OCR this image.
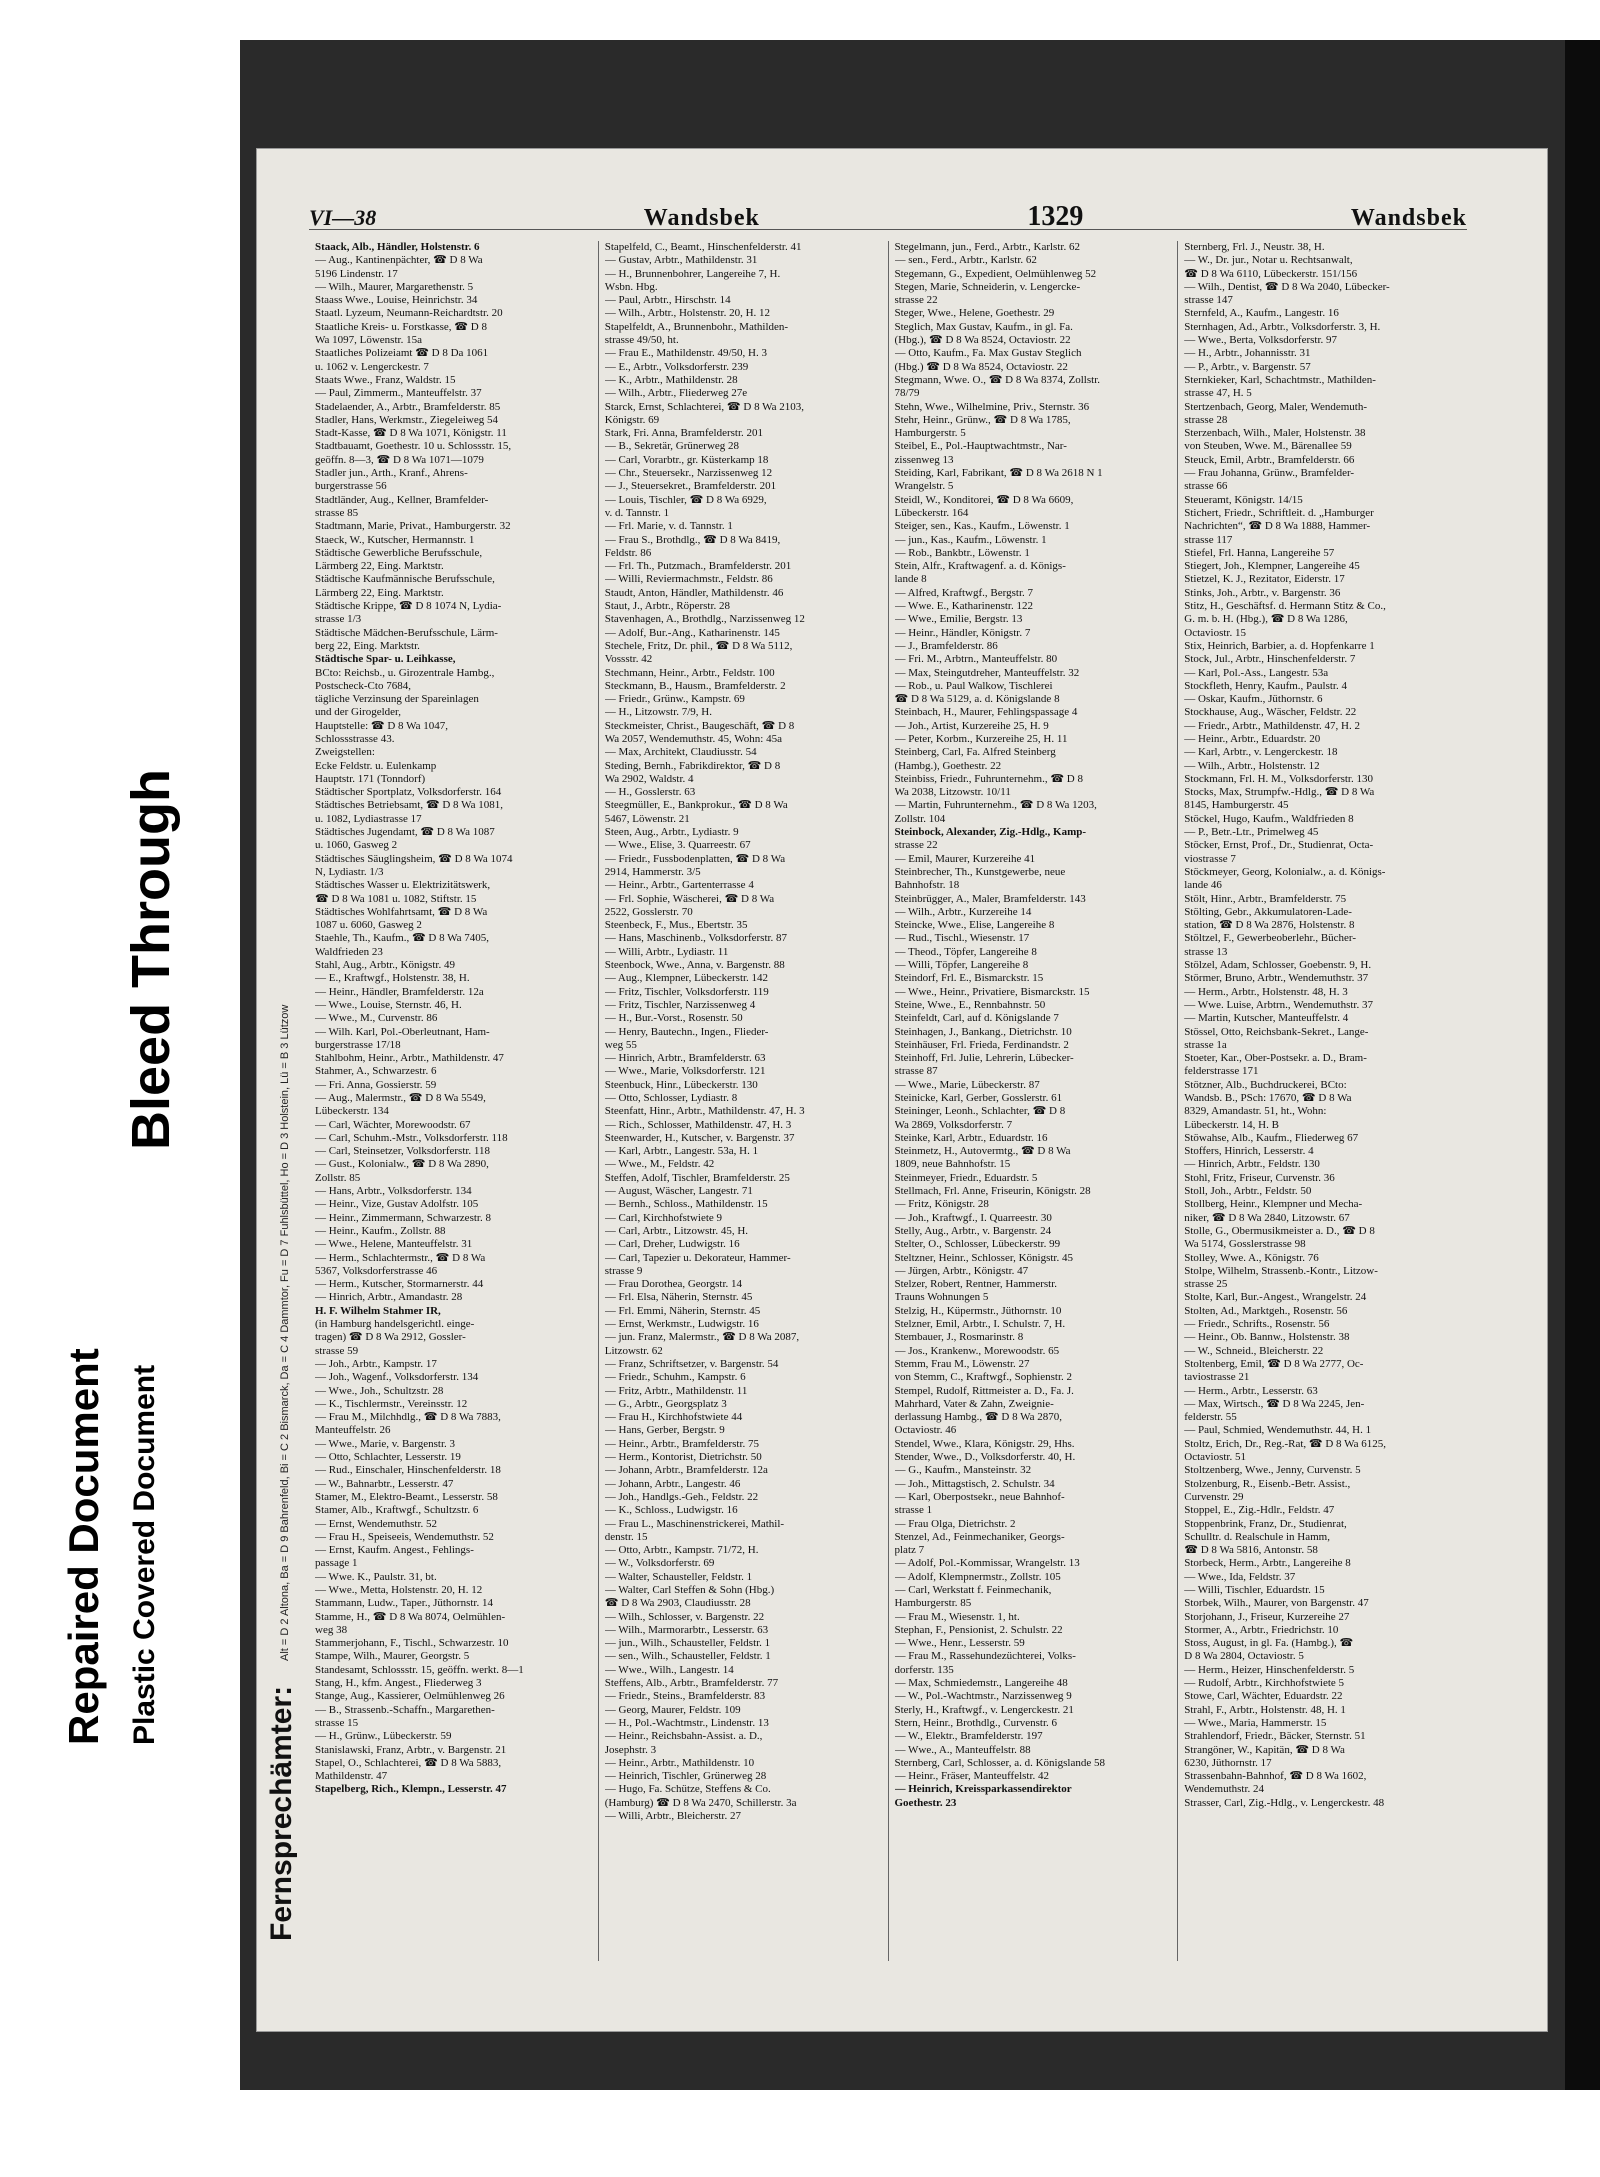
Repaired Document Plastic Covered Document
Bleed Through
VI—38	Wandsbek	1329	Wandsbek
Alt = D 2 Altona, Ba = D 9 Bahrenfeld, Bi = C 2 Bismarck, Da = C 4 Dammtor, Fu = D 7 Fuhlsbüttel, Ho = D 3 Holstein, Lü = B 3 Lützow
Fernsprechämter:
Staack, Alb., Händler, Holstenstr. 6
— Aug., Kantinenpächter, ☎ D 8 Wa
5196 Lindenstr. 17
— Wilh., Maurer, Margarethenstr. 5
Staass Wwe., Louise, Heinrichstr. 34
Staatl. Lyzeum, Neumann-Reichardtstr. 20
Staatliche Kreis- u. Forstkasse, ☎ D 8
Wa 1097, Löwenstr. 15a
Staatliches Polizeiamt ☎ D 8 Da 1061
u. 1062 v. Lengerckestr. 7
Staats Wwe., Franz, Waldstr. 15
— Paul, Zimmerm., Manteuffelstr. 37
Stadelaender, A., Arbtr., Bramfelderstr. 85
Stadler, Hans, Werkmstr., Ziegeleiweg 54
Stadt-Kasse, ☎ D 8 Wa 1071, Königstr. 11
Stadtbauamt, Goethestr. 10 u. Schlossstr. 15,
geöffn. 8—3, ☎ D 8 Wa 1071—1079
Stadler jun., Arth., Kranf., Ahrens-
burgerstrasse 56
Stadtländer, Aug., Kellner, Bramfelder-
strasse 85
Stadtmann, Marie, Privat., Hamburgerstr. 32
Staeck, W., Kutscher, Hermannstr. 1
Städtische Gewerbliche Berufsschule,
Lärmberg 22, Eing. Marktstr.
Städtische Kaufmännische Berufsschule,
Lärmberg 22, Eing. Marktstr.
Städtische Krippe, ☎ D 8 1074 N, Lydia-
strasse 1/3
Städtische Mädchen-Berufsschule, Lärm-
berg 22, Eing. Marktstr.
Städtische Spar- u. Leihkasse,
BCto: Reichsb., u. Girozentrale Hambg.,
Postscheck-Cto 7684,
tägliche Verzinsung der Spareinlagen
und der Girogelder,
Hauptstelle: ☎ D 8 Wa 1047,
Schlossstrasse 43.
Zweigstellen:
Ecke Feldstr. u. Eulenkamp
Hauptstr. 171 (Tonndorf)
Städtischer Sportplatz, Volksdorferstr. 164
Städtisches Betriebsamt, ☎ D 8 Wa 1081,
u. 1082, Lydiastrasse 17
Städtisches Jugendamt, ☎ D 8 Wa 1087
u. 1060, Gasweg 2
Städtisches Säuglingsheim, ☎ D 8 Wa 1074
N, Lydiastr. 1/3
Städtisches Wasser u. Elektrizitätswerk,
☎ D 8 Wa 1081 u. 1082, Stiftstr. 15
Städtisches Wohlfahrtsamt, ☎ D 8 Wa
1087 u. 6060, Gasweg 2
Staehle, Th., Kaufm., ☎ D 8 Wa 7405,
Waldfrieden 23
Stahl, Aug., Arbtr., Königstr. 49
— E., Kraftwgf., Holstenstr. 38, H.
— Heinr., Händler, Bramfelderstr. 12a
— Wwe., Louise, Sternstr. 46, H.
— Wwe., M., Curvenstr. 86
— Wilh. Karl, Pol.-Oberleutnant, Ham-
burgerstrasse 17/18
Stahlbohm, Heinr., Arbtr., Mathildenstr. 47
Stahmer, A., Schwarzestr. 6
— Fri. Anna, Gossierstr. 59
— Aug., Malermstr., ☎ D 8 Wa 5549,
Lübeckerstr. 134
— Carl, Wächter, Morewoodstr. 67
— Carl, Schuhm.-Mstr., Volksdorferstr. 118
— Carl, Steinsetzer, Volksdorferstr. 118
— Gust., Kolonialw., ☎ D 8 Wa 2890,
Zollstr. 85
— Hans, Arbtr., Volksdorferstr. 134
— Heinr., Vize, Gustav Adolfstr. 105
— Heinr., Zimmermann, Schwarzestr. 8
— Heinr., Kaufm., Zollstr. 88
— Wwe., Helene, Manteuffelstr. 31
— Herm., Schlachtermstr., ☎ D 8 Wa
5367, Volksdorferstrasse 46
— Herm., Kutscher, Stormarnerstr. 44
— Hinrich, Arbtr., Amandastr. 28
H. F. Wilhelm Stahmer IR,
(in Hamburg handelsgerichtl. einge-
tragen) ☎ D 8 Wa 2912, Gossler-
strasse 59
— Joh., Arbtr., Kampstr. 17
— Joh., Wagenf., Volksdorferstr. 134
— Wwe., Joh., Schultzstr. 28
— K., Tischlermstr., Vereinsstr. 12
— Frau M., Milchhdlg., ☎ D 8 Wa 7883,
Manteuffelstr. 26
— Wwe., Marie, v. Bargenstr. 3
— Otto, Schlachter, Lesserstr. 19
— Rud., Einschaler, Hinschenfelderstr. 18
— W., Bahnarbtr., Lesserstr. 47
Stamer, M., Elektro-Beamt., Lesserstr. 58
Stamer, Alb., Kraftwgf., Schultzstr. 6
— Ernst, Wendemuthstr. 52
— Frau H., Speiseeis, Wendemuthstr. 52
— Ernst, Kaufm. Angest., Fehlings-
passage 1
— Wwe. K., Paulstr. 31, bt.
— Wwe., Metta, Holstenstr. 20, H. 12
Stammann, Ludw., Taper., Jüthornstr. 14
Stamme, H., ☎ D 8 Wa 8074, Oelmühlen-
weg 38
Stammerjohann, F., Tischl., Schwarzestr. 10
Stampe, Wilh., Maurer, Georgstr. 5
Standesamt, Schlossstr. 15, geöffn. werkt. 8—1
Stang, H., kfm. Angest., Fliederweg 3
Stange, Aug., Kassierer, Oelmühlenweg 26
— B., Strassenb.-Schaffn., Margarethen-
strasse 15
— H., Grünw., Lübeckerstr. 59
Stanislawski, Franz, Arbtr., v. Bargenstr. 21
Stapel, O., Schlachterei, ☎ D 8 Wa 5883,
Mathildenstr. 47
Stapelberg, Rich., Klempn., Lesserstr. 47
Stapelfeld, C., Beamt., Hinschenfelderstr. 41
— Gustav, Arbtr., Mathildenstr. 31
— H., Brunnenbohrer, Langereihe 7, H.
Wsbn. Hbg.
— Paul, Arbtr., Hirschstr. 14
— Wilh., Arbtr., Holstenstr. 20, H. 12
Stapelfeldt, A., Brunnenbohr., Mathilden-
strasse 49/50, ht.
— Frau E., Mathildenstr. 49/50, H. 3
— E., Arbtr., Volksdorferstr. 239
— K., Arbtr., Mathildenstr. 28
— Wilh., Arbtr., Fliederweg 27e
Starck, Ernst, Schlachterei, ☎ D 8 Wa 2103,
Königstr. 69
Stark, Fri. Anna, Bramfelderstr. 201
— B., Sekretär, Grünerweg 28
— Carl, Vorarbtr., gr. Küsterkamp 18
— Chr., Steuersekr., Narzissenweg 12
— J., Steuersekret., Bramfelderstr. 201
— Louis, Tischler, ☎ D 8 Wa 6929,
v. d. Tannstr. 1
— Frl. Marie, v. d. Tannstr. 1
— Frau S., Brothdlg., ☎ D 8 Wa 8419,
Feldstr. 86
— Frl. Th., Putzmach., Bramfelderstr. 201
— Willi, Reviermachmstr., Feldstr. 86
Staudt, Anton, Händler, Mathildenstr. 46
Staut, J., Arbtr., Röperstr. 28
Stavenhagen, A., Brothdlg., Narzissenweg 12
— Adolf, Bur.-Ang., Katharinenstr. 145
Stechele, Fritz, Dr. phil., ☎ D 8 Wa 5112,
Vossstr. 42
Stechmann, Heinr., Arbtr., Feldstr. 100
Steckmann, B., Hausm., Bramfelderstr. 2
— Friedr., Grünw., Kampstr. 69
— H., Litzowstr. 7/9, H.
Steckmeister, Christ., Baugeschäft, ☎ D 8
Wa 2057, Wendemuthstr. 45, Wohn: 45a
— Max, Architekt, Claudiusstr. 54
Steding, Bernh., Fabrikdirektor, ☎ D 8
Wa 2902, Waldstr. 4
— H., Gosslerstr. 63
Steegmüller, E., Bankprokur., ☎ D 8 Wa
5467, Löwenstr. 21
Steen, Aug., Arbtr., Lydiastr. 9
— Wwe., Elise, 3. Quarreestr. 67
— Friedr., Fussbodenplatten, ☎ D 8 Wa
2914, Hammerstr. 3/5
— Heinr., Arbtr., Gartenterrasse 4
— Frl. Sophie, Wäscherei, ☎ D 8 Wa
2522, Gosslerstr. 70
Steenbeck, F., Mus., Ebertstr. 35
— Hans, Maschinenb., Volksdorferstr. 87
— Willi, Arbtr., Lydiastr. 11
Steenbock, Wwe., Anna, v. Bargenstr. 88
— Aug., Klempner, Lübeckerstr. 142
— Fritz, Tischler, Volksdorferstr. 119
— Fritz, Tischler, Narzissenweg 4
— H., Bur.-Vorst., Rosenstr. 50
— Henry, Bautechn., Ingen., Flieder-
weg 55
— Hinrich, Arbtr., Bramfelderstr. 63
— Wwe., Marie, Volksdorferstr. 121
Steenbuck, Hinr., Lübeckerstr. 130
— Otto, Schlosser, Lydiastr. 8
Steenfatt, Hinr., Arbtr., Mathildenstr. 47, H. 3
— Rich., Schlosser, Mathildenstr. 47, H. 3
Steenwarder, H., Kutscher, v. Bargenstr. 37
— Karl, Arbtr., Langestr. 53a, H. 1
— Wwe., M., Feldstr. 42
Steffen, Adolf, Tischler, Bramfelderstr. 25
— August, Wäscher, Langestr. 71
— Bernh., Schloss., Mathildenstr. 15
— Carl, Kirchhofstwiete 9
— Carl, Arbtr., Litzowstr. 45, H.
— Carl, Dreher, Ludwigstr. 16
— Carl, Tapezier u. Dekorateur, Hammer-
strasse 9
— Frau Dorothea, Georgstr. 14
— Frl. Elsa, Näherin, Sternstr. 45
— Frl. Emmi, Näherin, Sternstr. 45
— Ernst, Werkmstr., Ludwigstr. 16
— jun. Franz, Malermstr., ☎ D 8 Wa 2087,
Litzowstr. 62
— Franz, Schriftsetzer, v. Bargenstr. 54
— Friedr., Schuhm., Kampstr. 6
— Fritz, Arbtr., Mathildenstr. 11
— G., Arbtr., Georgsplatz 3
— Frau H., Kirchhofstwiete 44
— Hans, Gerber, Bergstr. 9
— Heinr., Arbtr., Bramfelderstr. 75
— Herm., Kontorist, Dietrichstr. 50
— Johann, Arbtr., Bramfelderstr. 12a
— Johann, Arbtr., Langestr. 46
— Joh., Handlgs.-Geh., Feldstr. 22
— K., Schloss., Ludwigstr. 16
— Frau L., Maschinenstrickerei, Mathil-
denstr. 15
— Otto, Arbtr., Kampstr. 71/72, H.
— W., Volksdorferstr. 69
— Walter, Schausteller, Feldstr. 1
— Walter, Carl Steffen & Sohn (Hbg.)
☎ D 8 Wa 2903, Claudiusstr. 28
— Wilh., Schlosser, v. Bargenstr. 22
— Wilh., Marmorarbtr., Lesserstr. 63
— jun., Wilh., Schausteller, Feldstr. 1
— sen., Wilh., Schausteller, Feldstr. 1
— Wwe., Wilh., Langestr. 14
Steffens, Alb., Arbtr., Bramfelderstr. 77
— Friedr., Steins., Bramfelderstr. 83
— Georg, Maurer, Feldstr. 109
— H., Pol.-Wachtmstr., Lindenstr. 13
— Heinr., Reichsbahn-Assist. a. D.,
Josephstr. 3
— Heinr., Arbtr., Mathildenstr. 10
— Heinrich, Tischler, Grünerweg 28
— Hugo, Fa. Schütze, Steffens & Co.
(Hamburg) ☎ D 8 Wa 2470, Schillerstr. 3a
— Willi, Arbtr., Bleicherstr. 27
Stegelmann, jun., Ferd., Arbtr., Karlstr. 62
— sen., Ferd., Arbtr., Karlstr. 62
Stegemann, G., Expedient, Oelmühlenweg 52
Stegen, Marie, Schneiderin, v. Lengercke-
strasse 22
Steger, Wwe., Helene, Goethestr. 29
Steglich, Max Gustav, Kaufm., in gl. Fa.
(Hbg.), ☎ D 8 Wa 8524, Octaviostr. 22
— Otto, Kaufm., Fa. Max Gustav Steglich
(Hbg.) ☎ D 8 Wa 8524, Octaviostr. 22
Stegmann, Wwe. O., ☎ D 8 Wa 8374, Zollstr.
78/79
Stehn, Wwe., Wilhelmine, Priv., Sternstr. 36
Stehr, Heinr., Grünw., ☎ D 8 Wa 1785,
Hamburgerstr. 5
Steibel, E., Pol.-Hauptwachtmstr., Nar-
zissenweg 13
Steiding, Karl, Fabrikant, ☎ D 8 Wa 2618 N 1
Wrangelstr. 5
Steidl, W., Konditorei, ☎ D 8 Wa 6609,
Lübeckerstr. 164
Steiger, sen., Kas., Kaufm., Löwenstr. 1
— jun., Kas., Kaufm., Löwenstr. 1
— Rob., Bankbtr., Löwenstr. 1
Stein, Alfr., Kraftwagenf. a. d. Königs-
lande 8
— Alfred, Kraftwgf., Bergstr. 7
— Wwe. E., Katharinenstr. 122
— Wwe., Emilie, Bergstr. 13
— Heinr., Händler, Königstr. 7
— J., Bramfelderstr. 86
— Fri. M., Arbtrn., Manteuffelstr. 80
— Max, Steingutdreher, Manteuffelstr. 32
— Rob., u. Paul Walkow, Tischlerei
☎ D 8 Wa 5129, a. d. Königslande 8
Steinbach, H., Maurer, Fehlingspassage 4
— Joh., Artist, Kurzereihe 25, H. 9
— Peter, Korbm., Kurzereihe 25, H. 11
Steinberg, Carl, Fa. Alfred Steinberg
(Hambg.), Goethestr. 22
Steinbiss, Friedr., Fuhrunternehm., ☎ D 8
Wa 2038, Litzowstr. 10/11
— Martin, Fuhrunternehm., ☎ D 8 Wa 1203,
Zollstr. 104
Steinbock, Alexander, Zig.-Hdlg., Kamp-
strasse 22
— Emil, Maurer, Kurzereihe 41
Steinbrecher, Th., Kunstgewerbe, neue
Bahnhofstr. 18
Steinbrügger, A., Maler, Bramfelderstr. 143
— Wilh., Arbtr., Kurzereihe 14
Steincke, Wwe., Elise, Langereihe 8
— Rud., Tischl., Wiesenstr. 17
— Theod., Töpfer, Langereihe 8
— Willi, Töpfer, Langereihe 8
Steindorf, Frl. E., Bismarckstr. 15
— Wwe., Heinr., Privatiere, Bismarckstr. 15
Steine, Wwe., E., Rennbahnstr. 50
Steinfeldt, Carl, auf d. Königslande 7
Steinhagen, J., Bankang., Dietrichstr. 10
Steinhäuser, Frl. Frieda, Ferdinandstr. 2
Steinhoff, Frl. Julie, Lehrerin, Lübecker-
strasse 87
— Wwe., Marie, Lübeckerstr. 87
Steinicke, Karl, Gerber, Gosslerstr. 61
Steininger, Leonh., Schlachter, ☎ D 8
Wa 2869, Volksdorferstr. 7
Steinke, Karl, Arbtr., Eduardstr. 16
Steinmetz, H., Autovermtg., ☎ D 8 Wa
1809, neue Bahnhofstr. 15
Steinmeyer, Friedr., Eduardstr. 5
Stellmach, Frl. Anne, Friseurin, Königstr. 28
— Fritz, Königstr. 28
— Joh., Kraftwgf., I. Quarreestr. 30
Stelly, Aug., Arbtr., v. Bargenstr. 24
Stelter, O., Schlosser, Lübeckerstr. 99
Steltzner, Heinr., Schlosser, Königstr. 45
— Jürgen, Arbtr., Königstr. 47
Stelzer, Robert, Rentner, Hammerstr.
Trauns Wohnungen 5
Stelzig, H., Küpermstr., Jüthornstr. 10
Stelzner, Emil, Arbtr., I. Schulstr. 7, H.
Stembauer, J., Rosmarinstr. 8
— Jos., Krankenw., Morewoodstr. 65
Stemm, Frau M., Löwenstr. 27
von Stemm, C., Kraftwgf., Sophienstr. 2
Stempel, Rudolf, Rittmeister a. D., Fa. J.
Mahrhard, Vater & Zahn, Zweignie-
derlassung Hambg., ☎ D 8 Wa 2870,
Octaviostr. 46
Stendel, Wwe., Klara, Königstr. 29, Hhs.
Stender, Wwe., D., Volksdorferstr. 40, H.
— G., Kaufm., Mansteinstr. 32
— Joh., Mittagstisch, 2. Schulstr. 34
— Karl, Oberpostsekr., neue Bahnhof-
strasse 1
— Frau Olga, Dietrichstr. 2
Stenzel, Ad., Feinmechaniker, Georgs-
platz 7
— Adolf, Pol.-Kommissar, Wrangelstr. 13
— Adolf, Klempnermstr., Zollstr. 105
— Carl, Werkstatt f. Feinmechanik,
Hamburgerstr. 85
— Frau M., Wiesenstr. 1, ht.
Stephan, F., Pensionist, 2. Schulstr. 22
— Wwe., Henr., Lesserstr. 59
— Frau M., Rassehundezüchterei, Volks-
dorferstr. 135
— Max, Schmiedemstr., Langereihe 48
— W., Pol.-Wachtmstr., Narzissenweg 9
Sterly, H., Kraftwgf., v. Lengerckestr. 21
Stern, Heinr., Brothdlg., Curvenstr. 6
— W., Elektr., Bramfelderstr. 197
— Wwe., A., Manteuffelstr. 88
Sternberg, Carl, Schlosser, a. d. Königslande 58
— Heinr., Fräser, Manteuffelstr. 42
— Heinrich, Kreissparkassendirektor
Goethestr. 23
Sternberg, Frl. J., Neustr. 38, H.
— W., Dr. jur., Notar u. Rechtsanwalt,
☎ D 8 Wa 6110, Lübeckerstr. 151/156
— Wilh., Dentist, ☎ D 8 Wa 2040, Lübecker-
strasse 147
Sternfeld, A., Kaufm., Langestr. 16
Sternhagen, Ad., Arbtr., Volksdorferstr. 3, H.
— Wwe., Berta, Volksdorferstr. 97
— H., Arbtr., Johannisstr. 31
— P., Arbtr., v. Bargenstr. 57
Sternkieker, Karl, Schachtmstr., Mathilden-
strasse 47, H. 5
Stertzenbach, Georg, Maler, Wendemuth-
strasse 28
Sterzenbach, Wilh., Maler, Holstenstr. 38
von Steuben, Wwe. M., Bärenallee 59
Steuck, Emil, Arbtr., Bramfelderstr. 66
— Frau Johanna, Grünw., Bramfelder-
strasse 66
Steueramt, Königstr. 14/15
Stichert, Friedr., Schriftleit. d. „Hamburger
Nachrichten“, ☎ D 8 Wa 1888, Hammer-
strasse 117
Stiefel, Frl. Hanna, Langereihe 57
Stiegert, Joh., Klempner, Langereihe 45
Stietzel, K. J., Rezitator, Eiderstr. 17
Stinks, Joh., Arbtr., v. Bargenstr. 36
Stitz, H., Geschäftsf. d. Hermann Stitz & Co.,
G. m. b. H. (Hbg.), ☎ D 8 Wa 1286,
Octaviostr. 15
Stix, Heinrich, Barbier, a. d. Hopfenkarre 1
Stock, Jul., Arbtr., Hinschenfelderstr. 7
— Karl, Pol.-Ass., Langestr. 53a
Stockfleth, Henry, Kaufm., Paulstr. 4
— Oskar, Kaufm., Jüthornstr. 6
Stockhause, Aug., Wäscher, Feldstr. 22
— Friedr., Arbtr., Mathildenstr. 47, H. 2
— Heinr., Arbtr., Eduardstr. 20
— Karl, Arbtr., v. Lengerckestr. 18
— Wilh., Arbtr., Holstenstr. 12
Stockmann, Frl. H. M., Volksdorferstr. 130
Stocks, Max, Strumpfw.-Hdlg., ☎ D 8 Wa
8145, Hamburgerstr. 45
Stöckel, Hugo, Kaufm., Waldfrieden 8
— P., Betr.-Ltr., Primelweg 45
Stöcker, Ernst, Prof., Dr., Studienrat, Octa-
viostrasse 7
Stöckmeyer, Georg, Kolonialw., a. d. Königs-
lande 46
Stölt, Hinr., Arbtr., Bramfelderstr. 75
Stölting, Gebr., Akkumulatoren-Lade-
station, ☎ D 8 Wa 2876, Holstenstr. 8
Stöltzel, F., Gewerbeoberlehr., Bücher-
strasse 13
Stölzel, Adam, Schlosser, Goebenstr. 9, H.
Störmer, Bruno, Arbtr., Wendemuthstr. 37
— Herm., Arbtr., Holstenstr. 48, H. 3
— Wwe. Luise, Arbtrn., Wendemuthstr. 37
— Martin, Kutscher, Manteuffelstr. 4
Stössel, Otto, Reichsbank-Sekret., Lange-
strasse 1a
Stoeter, Kar., Ober-Postsekr. a. D., Bram-
felderstrasse 171
Stötzner, Alb., Buchdruckerei, BCto:
Wandsb. B., PSch: 17670, ☎ D 8 Wa
8329, Amandastr. 51, ht., Wohn:
Lübeckerstr. 14, H. B
Stöwahse, Alb., Kaufm., Fliederweg 67
Stoffers, Hinrich, Lesserstr. 4
— Hinrich, Arbtr., Feldstr. 130
Stohl, Fritz, Friseur, Curvenstr. 36
Stoll, Joh., Arbtr., Feldstr. 50
Stollberg, Heinr., Klempner und Mecha-
niker, ☎ D 8 Wa 2840, Litzowstr. 67
Stolle, G., Obermusikmeister a. D., ☎ D 8
Wa 5174, Gosslerstrasse 98
Stolley, Wwe. A., Königstr. 76
Stolpe, Wilhelm, Strassenb.-Kontr., Litzow-
strasse 25
Stolte, Karl, Bur.-Angest., Wrangelstr. 24
Stolten, Ad., Marktgeh., Rosenstr. 56
— Friedr., Schrifts., Rosenstr. 56
— Heinr., Ob. Bannw., Holstenstr. 38
— W., Schneid., Bleicherstr. 22
Stoltenberg, Emil, ☎ D 8 Wa 2777, Oc-
taviostrasse 21
— Herm., Arbtr., Lesserstr. 63
— Max, Wirtsch., ☎ D 8 Wa 2245, Jen-
felderstr. 55
— Paul, Schmied, Wendemuthstr. 44, H. 1
Stoltz, Erich, Dr., Reg.-Rat, ☎ D 8 Wa 6125,
Octaviostr. 51
Stoltzenberg, Wwe., Jenny, Curvenstr. 5
Stolzenburg, R., Eisenb.-Betr. Assist.,
Curvenstr. 29
Stoppel, E., Zig.-Hdlr., Feldstr. 47
Stoppenbrink, Franz, Dr., Studienrat,
Schulltr. d. Realschule in Hamm,
☎ D 8 Wa 5816, Antonstr. 58
Storbeck, Herm., Arbtr., Langereihe 8
— Wwe., Ida, Feldstr. 37
— Willi, Tischler, Eduardstr. 15
Storbek, Wilh., Maurer, von Bargenstr. 47
Storjohann, J., Friseur, Kurzereihe 27
Stormer, A., Arbtr., Friedrichstr. 10
Stoss, August, in gl. Fa. (Hambg.), ☎
D 8 Wa 2804, Octaviostr. 5
— Herm., Heizer, Hinschenfelderstr. 5
— Rudolf, Arbtr., Kirchhofstwiete 5
Stowe, Carl, Wächter, Eduardstr. 22
Strahl, F., Arbtr., Holstenstr. 48, H. 1
— Wwe., Maria, Hammerstr. 15
Strahlendorf, Friedr., Bäcker, Sternstr. 51
Strangöner, W., Kapitän, ☎ D 8 Wa
6230, Jüthornstr. 17
Strassenbahn-Bahnhof, ☎ D 8 Wa 1602,
Wendemuthstr. 24
Strasser, Carl, Zig.-Hdlg., v. Lengerckestr. 48
